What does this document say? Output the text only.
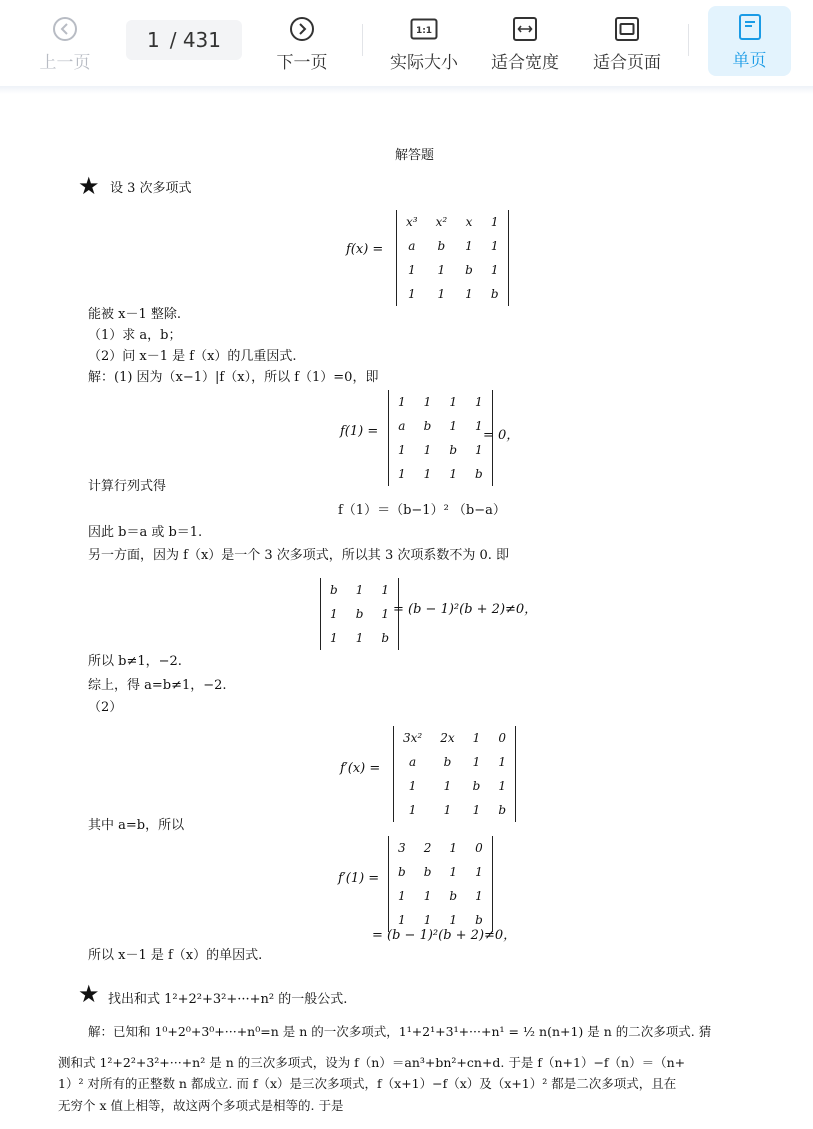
上一页
1 / 431
下一页
1:1
实际大小 适合宽度 适合页面	单页
解答题
★ 设 3 次多项式
f(x) =
x³	x²	x	1
a	b	1	1
1	1	b	1
1	1	1	b
能被 x－1 整除.
（1）求 a，b；
（2）问 x－1 是 f（x）的几重因式.
解：(1) 因为（x−1）|f（x），所以 f（1）=0，即
f(1) =
1	1	1	1
a	b	1	1
1	1	b	1
1	1	1	b
= 0，
计算行列式得
f（1）＝（b−1）² （b−a）
因此 b＝a 或 b＝1.
另一方面，因为 f（x）是一个 3 次多项式，所以其 3 次项系数不为 0. 即
b	1	1
1	b	1
1	1	b
= (b − 1)²(b + 2)≠0，
所以 b≠1，−2.
综上，得 a=b≠1，−2.
（2）
f′(x) =
3x²	2x	1	0
a	b	1	1
1	1	b	1
1	1	1	b
其中 a=b，所以
f′(1) =
3	2	1	0
b	b	1	1
1	1	b	1
1	1	1	b
= (b − 1)²(b + 2)≠0，
所以 x－1 是 f（x）的单因式.
★ 找出和式 1²+2²+3²+···+n² 的一般公式.
解：已知和 1⁰+2⁰+3⁰+···+n⁰=n 是 n 的一次多项式，1¹+2¹+3¹+···+n¹ = ½ n(n+1) 是 n 的二次多项式. 猜
测和式 1²+2²+3²+···+n² 是 n 的三次多项式，设为 f（n）＝an³+bn²+cn+d. 于是 f（n+1）−f（n）＝（n+
1）² 对所有的正整数 n 都成立. 而 f（x）是三次多项式，f（x+1）−f（x）及（x+1）² 都是二次多项式，且在
无穷个 x 值上相等，故这两个多项式是相等的. 于是
